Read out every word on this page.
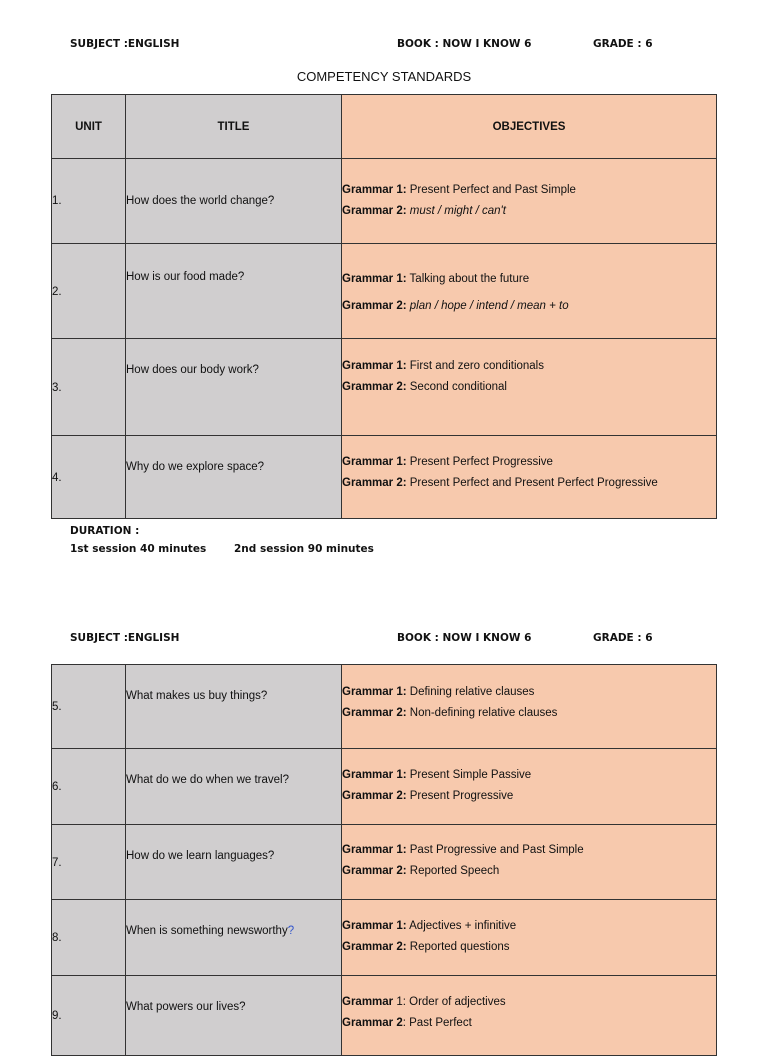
SUBJECT :ENGLISH	BOOK : NOW I KNOW 6	GRADE : 6
COMPETENCY STANDARDS
UNIT	TITLE	OBJECTIVES
1.	How does the world change?	Grammar 1: Present Perfect and Past Simple
Grammar 2: must / might / can't

2.	How is our food made?	Grammar 1: Talking about the future
Grammar 2: plan / hope / intend / mean + to

3.	How does our body work?	Grammar 1: First and zero conditionals
Grammar 2: Second conditional

4.	Why do we explore space?	Grammar 1: Present Perfect Progressive
Grammar 2: Present Perfect and Present Perfect Progressive
DURATION :
1st session 40 minutes	2nd session 90 minutes
SUBJECT :ENGLISH	BOOK : NOW I KNOW 6	GRADE : 6
5.	What makes us buy things?	Grammar 1: Defining relative clauses
Grammar 2: Non-defining relative clauses

6.	What do we do when we travel?	Grammar 1: Present Simple Passive
Grammar 2: Present Progressive

7.	How do we learn languages?	Grammar 1: Past Progressive and Past Simple
Grammar 2: Reported Speech

8.	When is something newsworthy?	Grammar 1: Adjectives + infinitive
Grammar 2: Reported questions

9.	What powers our lives?	Grammar 1: Order of adjectives
Grammar 2: Past Perfect
